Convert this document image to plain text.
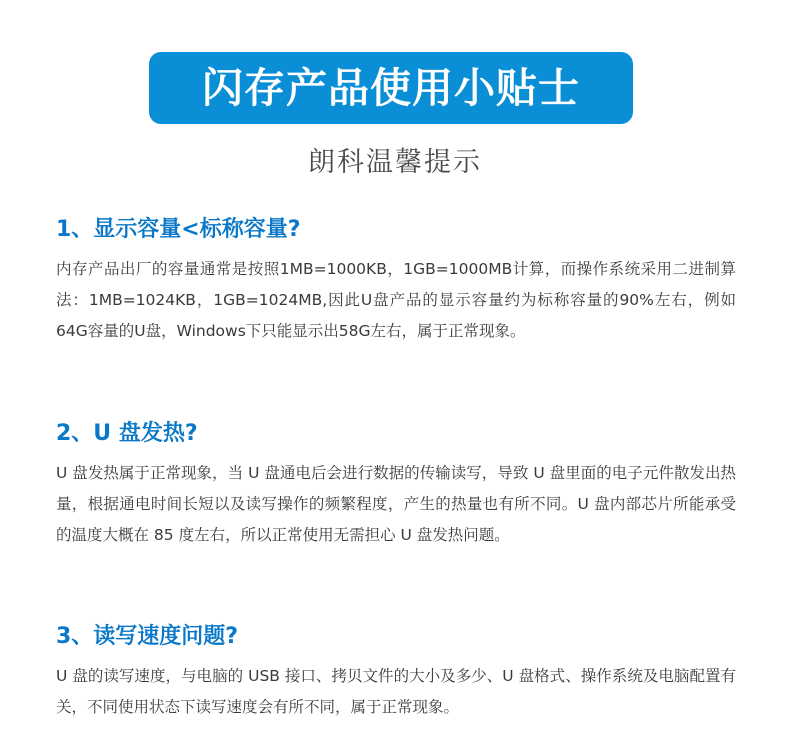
闪存产品使用小贴士
朗科温馨提示
1、显示容量<标称容量?

内存产品出厂的容量通常是按照1MB=1000KB，1GB=1000MB计算，而操作系统采用二进制算法：1MB=1024KB，1GB=1024MB,因此U盘产品的显示容量约为标称容量的90%左右，例如64G容量的U盘，Windows下只能显示出58G左右，属于正常现象。

2、U 盘发热?

U 盘发热属于正常现象，当 U 盘通电后会进行数据的传输读写，导致 U 盘里面的电子元件散发出热量，根据通电时间长短以及读写操作的频繁程度，产生的热量也有所不同。U 盘内部芯片所能承受的温度大概在 85 度左右，所以正常使用无需担心 U 盘发热问题。

3、读写速度问题?

U 盘的读写速度，与电脑的 USB 接口、拷贝文件的大小及多少、U 盘格式、操作系统及电脑配置有关，不同使用状态下读写速度会有所不同，属于正常现象。
